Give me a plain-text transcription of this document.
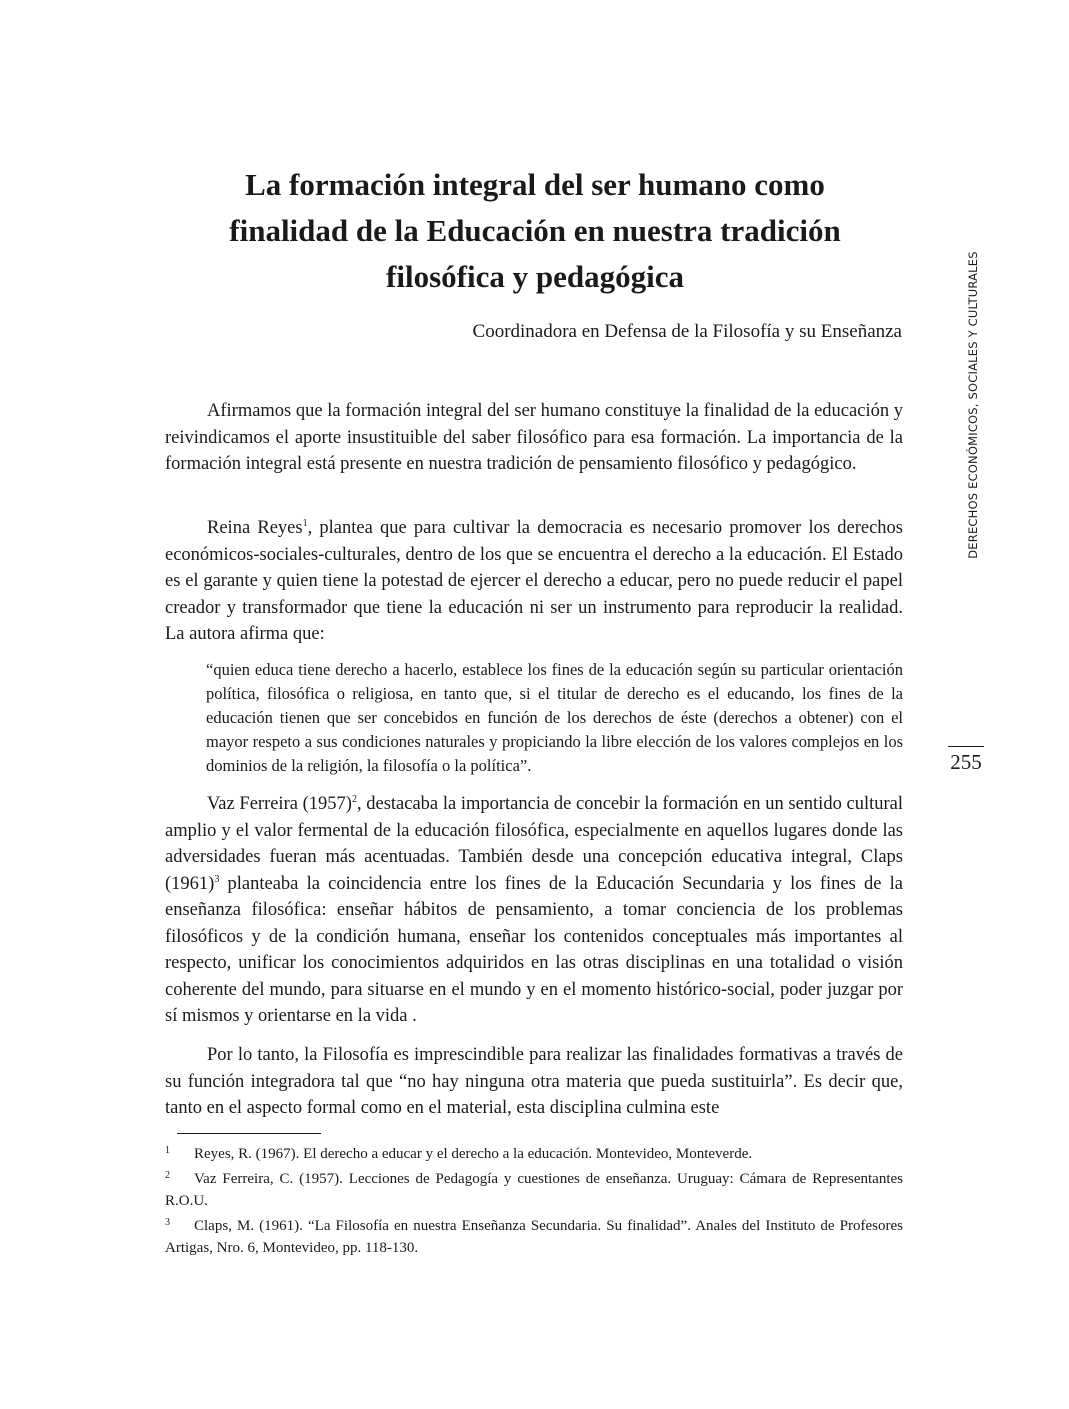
La formación integral del ser humano como
finalidad de la Educación en nuestra tradición
filosófica y pedagógica

Coordinadora en Defensa de la Filosofía y su Enseñanza

Afirmamos que la formación integral del ser humano constituye la finalidad de la educación y reivindicamos el aporte insustituible del saber filosófico para esa formación. La importancia de la formación integral está presente en nuestra tradición de pensamiento filosófico y pedagógico.

Reina Reyes$^1$, plantea que para cultivar la democracia es necesario promover los derechos económicos-sociales-culturales, dentro de los que se encuentra el derecho a la educación. El Estado es el garante y quien tiene la potestad de ejercer el derecho a educar, pero no puede reducir el papel creador y transformador que tiene la educación ni ser un instrumento para reproducir la realidad. La autora afirma que:

“quien educa tiene derecho a hacerlo, establece los fines de la educación según su particular orientación política, filosófica o religiosa, en tanto que, si el titular de derecho es el educando, los fines de la educación tienen que ser concebidos en función de los derechos de éste (derechos a obtener) con el mayor respeto a sus condiciones naturales y propiciando la libre elección de los valores complejos en los dominios de la religión, la filosofía o la política”.

Vaz Ferreira $(1957)^2$, destacaba la importancia de concebir la formación en un sentido cultural amplio y el valor fermental de la educación filosófica, especialmente en aquellos lugares donde las adversidades fueran más acentuadas. También desde una concepción educativa integral, Claps $(1961)^3$ planteaba la coincidencia entre los fines de la Educación Secundaria y los fines de la enseñanza filosófica: enseñar hábitos de pensamiento, a tomar conciencia de los problemas filosóficos y de la condición humana, enseñar los contenidos conceptuales más importantes al respecto, unificar los conocimientos adquiridos en las otras disciplinas en una totalidad o visión coherente del mundo, para situarse en el mundo y en el momento histórico-social, poder juzgar por sí mismos y orientarse en la vida .

Por lo tanto, la Filosofía es imprescindible para realizar las finalidades formativas a través de su función integradora tal que “no hay ninguna otra materia que pueda sustituirla”. Es decir que, tanto en el aspecto formal como en el material, esta disciplina culmina este

1 Reyes, R. (1967). El derecho a educar y el derecho a la educación. Montevideo, Monteverde.
2 Vaz Ferreira, C. (1957). Lecciones de Pedagogía y cuestiones de enseñanza. Uruguay: Cámara de Representantes R.O.U.
3 Claps, M. (1961). “La Filosofía en nuestra Enseñanza Secundaria. Su finalidad”. Anales del Instituto de Profesores Artigas, Nro. 6, Montevideo, pp. 118-130.
DERECHOS ECONÓMICOS, SOCIALES Y CULTURALES

255
